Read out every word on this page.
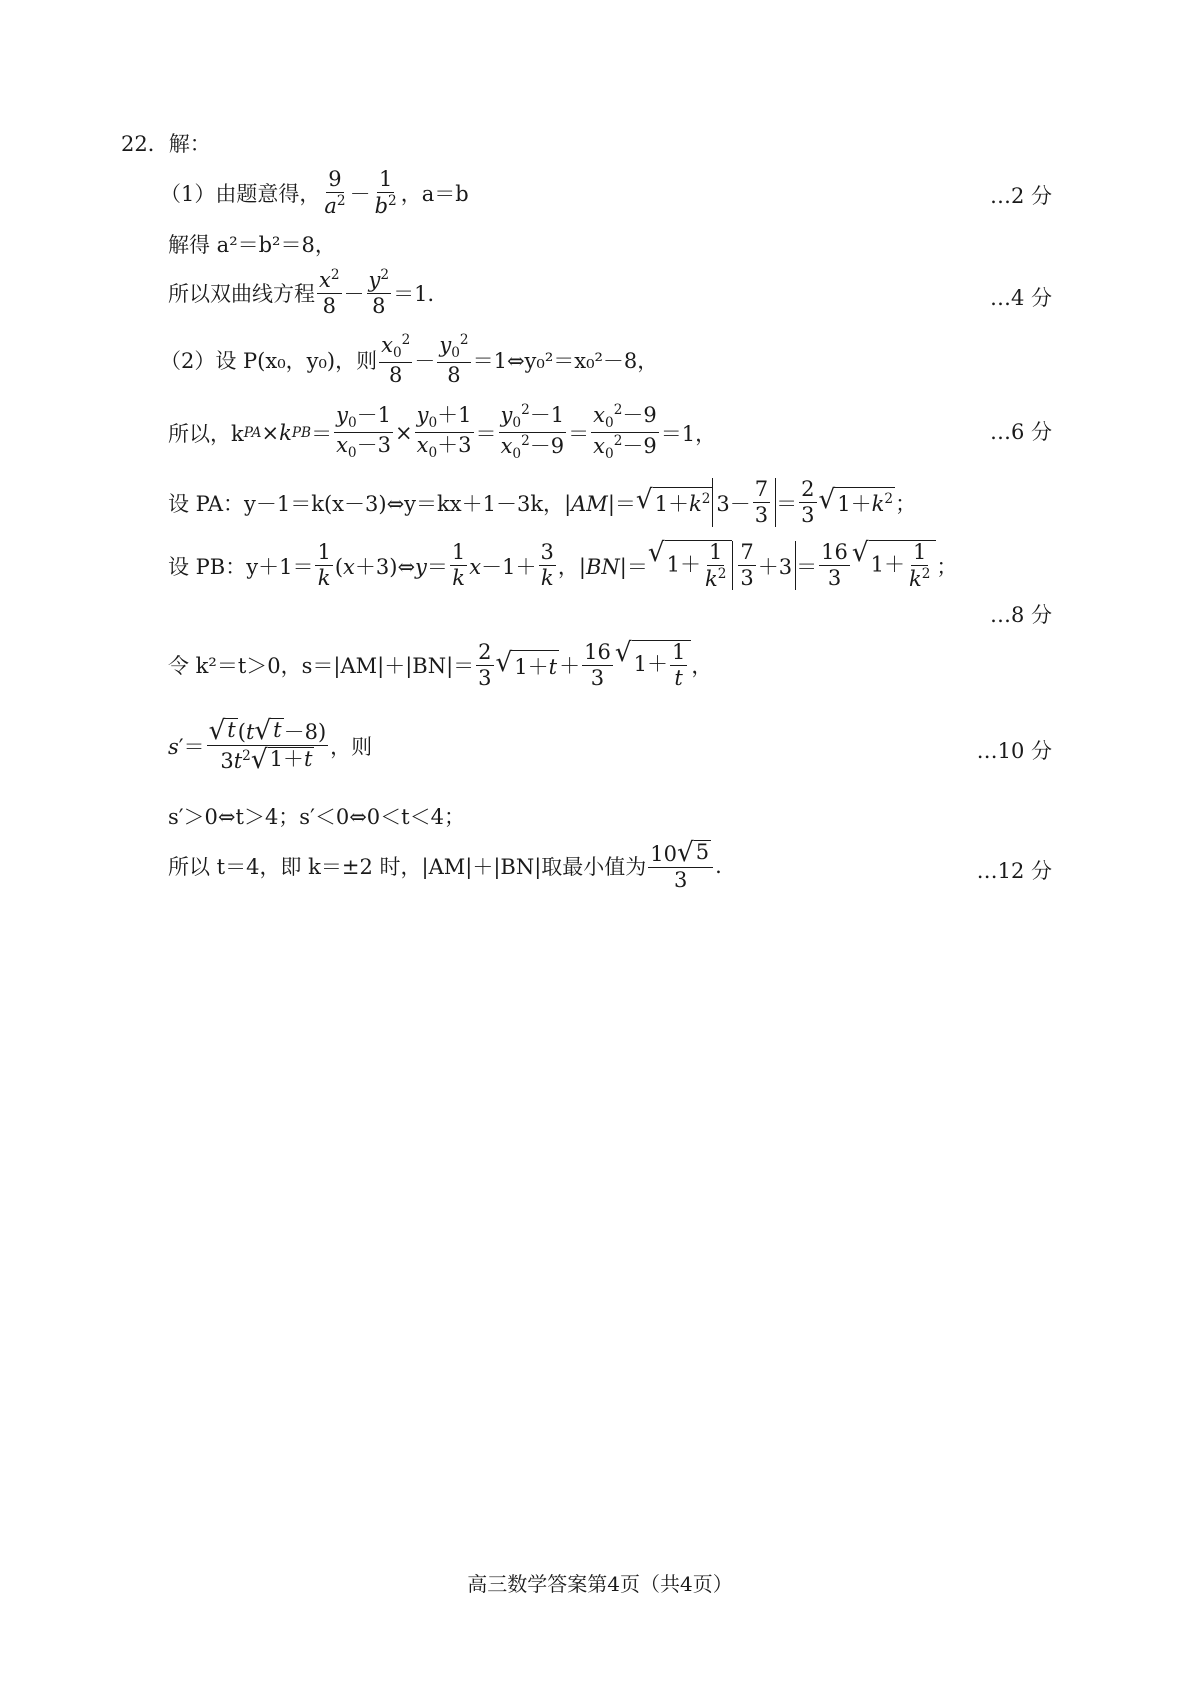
22．解：
（1）由题意得， $\frac{9}{a^2} - \frac{1}{b^2}$ ，a＝b	…2 分
解得 a²＝b²＝8，
所以双曲线方程 $\frac{x^2}{8} - \frac{y^2}{8} =1$．	…4 分
（2）设 P(x₀，y₀)，则 $\frac{x_0^2}{8} - \frac{y_0^2}{8}$ ＝1⇔y₀²＝x₀²－8，
所以，k PA × k PB ＝ $\frac{y_0-1}{x_0-3} \times \frac{y_0+1}{x_0+3} = \frac{y_0^2-1}{x_0^2-9} = \frac{x_0^2-9}{x_0^2-9} =1$，	…6 分
设 PA：y－1＝k(x－3)⇔y＝kx＋1－3k， |AM|＝ √ $1+k^2$ $3- \frac{7}{3} = \frac{2}{3}$ √ $1+k^2$ ；
设 PB：$y+1= \frac{1}{k}$ (x＋3)⇔y＝ $\frac{1}{k} x-1+ \frac{3}{k}$ ，|BN|＝ √ $1+ \frac{1}{k^2} \frac{7}{3} +3 = \frac{16}{3}$ √ $1+ \frac{1}{k^2}$ ；
…8 分
令 k²＝t＞0，$s=|AM|+|BN|= \frac{2}{3}$ √ $1+t + \frac{16}{3}$ √ $1+ \frac{1}{t}$ ，
$s'= \frac{√ t (t √ t -8)}{3t^2 √ 1+t}$ ，则	…10 分
s′＞0⇔t＞4；s′＜0⇔0＜t＜4；
所以 t＝4，即 k＝±2 时，|AM|＋|BN|取最小值为 $\frac{10 √ 5}{3}$ .	…12 分
高三数学答案第4页（共4页）
